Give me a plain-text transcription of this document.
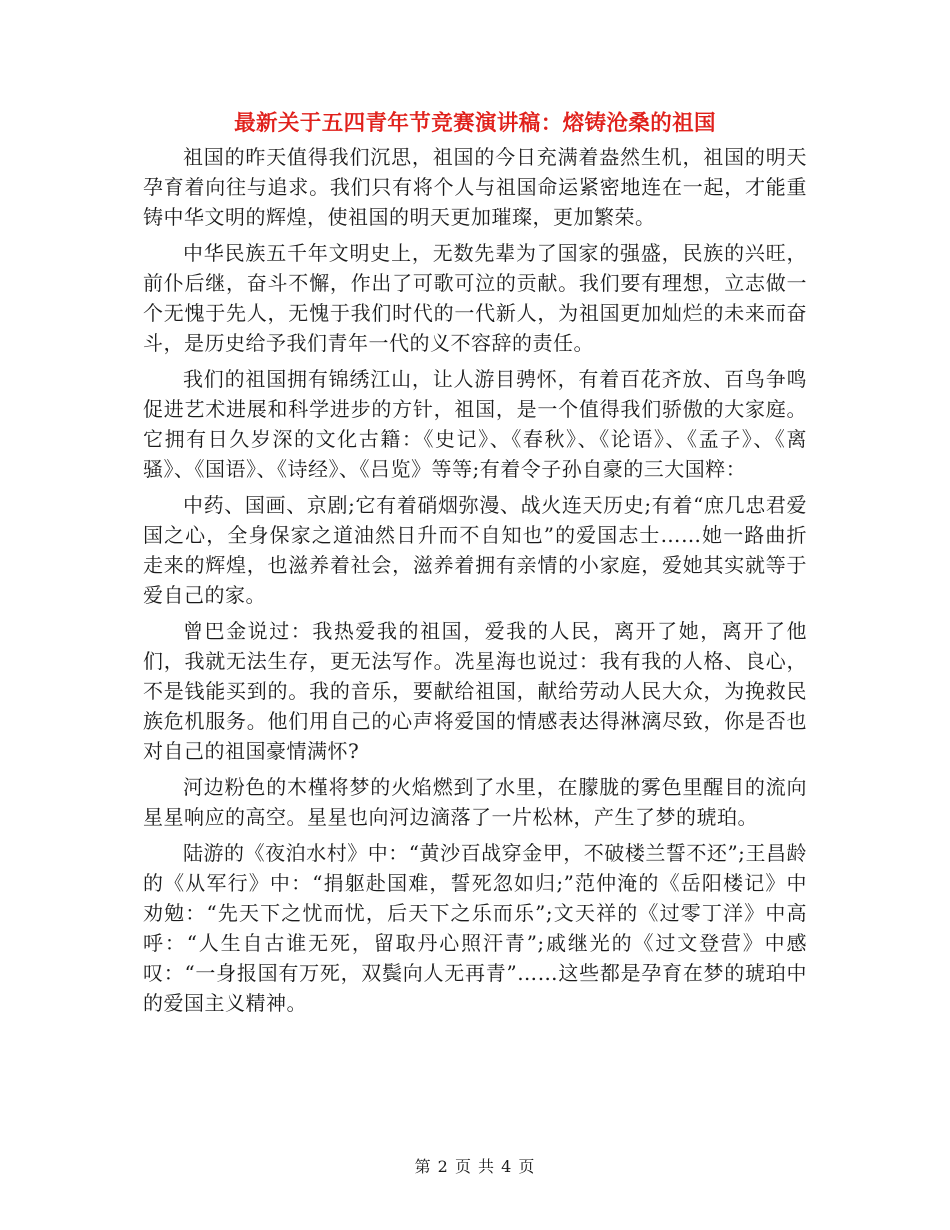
最新关于五四青年节竞赛演讲稿：熔铸沧桑的祖国

祖国的昨天值得我们沉思，祖国的今日充满着盎然生机，祖国的明天孕育着向往与追求。我们只有将个人与祖国命运紧密地连在一起，才能重铸中华文明的辉煌，使祖国的明天更加璀璨，更加繁荣。

中华民族五千年文明史上，无数先辈为了国家的强盛，民族的兴旺，前仆后继，奋斗不懈，作出了可歌可泣的贡献。我们要有理想，立志做一个无愧于先人，无愧于我们时代的一代新人，为祖国更加灿烂的未来而奋斗，是历史给予我们青年一代的义不容辞的责任。

我们的祖国拥有锦绣江山，让人游目骋怀，有着百花齐放、百鸟争鸣促进艺术进展和科学进步的方针，祖国，是一个值得我们骄傲的大家庭。它拥有日久岁深的文化古籍：《史记》、《春秋》、《论语》、《孟子》、《离骚》、《国语》、《诗经》、《吕览》等等;有着令子孙自豪的三大国粹：

中药、国画、京剧;它有着硝烟弥漫、战火连天历史;有着“庶几忠君爱国之心，全身保家之道油然日升而不自知也”的爱国志士……她一路曲折走来的辉煌，也滋养着社会，滋养着拥有亲情的小家庭，爱她其实就等于爱自己的家。

曾巴金说过：我热爱我的祖国，爱我的人民，离开了她，离开了他们，我就无法生存，更无法写作。冼星海也说过：我有我的人格、良心，不是钱能买到的。我的音乐，要献给祖国，献给劳动人民大众，为挽救民族危机服务。他们用自己的心声将爱国的情感表达得淋漓尽致，你是否也对自己的祖国豪情满怀?

河边粉色的木槿将梦的火焰燃到了水里，在朦胧的雾色里醒目的流向星星响应的高空。星星也向河边滴落了一片松林，产生了梦的琥珀。

陆游的《夜泊水村》中：“黄沙百战穿金甲，不破楼兰誓不还”;王昌龄的《从军行》中：“捐躯赴国难，誓死忽如归;”范仲淹的《岳阳楼记》中劝勉：“先天下之忧而忧，后天下之乐而乐”;文天祥的《过零丁洋》中高呼：“人生自古谁无死，留取丹心照汗青”;戚继光的《过文登营》中感叹：“一身报国有万死，双鬓向人无再青”……这些都是孕育在梦的琥珀中的爱国主义精神。

第 2 页 共 4 页
